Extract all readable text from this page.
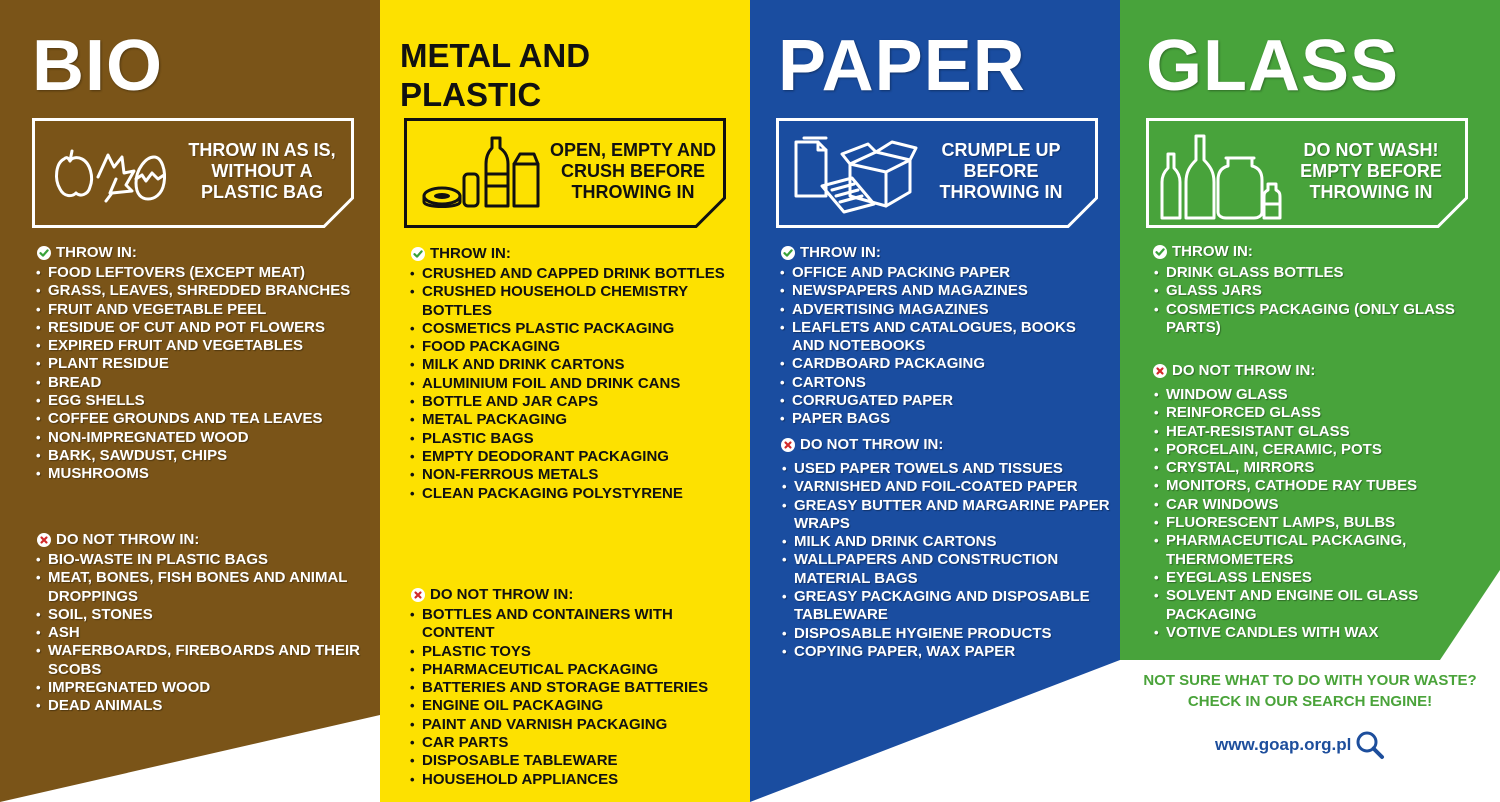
BIO
THROW IN AS IS, WITHOUT A PLASTIC BAG
THROW IN:
• FOOD LEFTOVERS (EXCEPT MEAT)
• GRASS, LEAVES, SHREDDED BRANCHES
• FRUIT AND VEGETABLE PEEL
• RESIDUE OF CUT AND POT FLOWERS
• EXPIRED FRUIT AND VEGETABLES
• PLANT RESIDUE
• BREAD
• EGG SHELLS
• COFFEE GROUNDS AND TEA LEAVES
• NON-IMPREGNATED WOOD
• BARK, SAWDUST, CHIPS
• MUSHROOMS
DO NOT THROW IN:
• BIO-WASTE IN PLASTIC BAGS
• MEAT, BONES, FISH BONES AND ANIMAL DROPPINGS
• SOIL, STONES
• ASH
• WAFERBOARDS, FIREBOARDS AND THEIR SCOBS
• IMPREGNATED WOOD
• DEAD ANIMALS
METAL AND
PLASTIC
OPEN, EMPTY AND CRUSH BEFORE THROWING IN
THROW IN:
• CRUSHED AND CAPPED DRINK BOTTLES
• CRUSHED HOUSEHOLD CHEMISTRY BOTTLES
• COSMETICS PLASTIC PACKAGING
• FOOD PACKAGING
• MILK AND DRINK CARTONS
• ALUMINIUM FOIL AND DRINK CANS
• BOTTLE AND JAR CAPS
• METAL PACKAGING
• PLASTIC BAGS
• EMPTY DEODORANT PACKAGING
• NON-FERROUS METALS
• CLEAN PACKAGING POLYSTYRENE
DO NOT THROW IN:
• BOTTLES AND CONTAINERS WITH CONTENT
• PLASTIC TOYS
• PHARMACEUTICAL PACKAGING
• BATTERIES AND STORAGE BATTERIES
• ENGINE OIL PACKAGING
• PAINT AND VARNISH PACKAGING
• CAR PARTS
• DISPOSABLE TABLEWARE
• HOUSEHOLD APPLIANCES
PAPER
CRUMPLE UP BEFORE THROWING IN
THROW IN:
• OFFICE AND PACKING PAPER
• NEWSPAPERS AND MAGAZINES
• ADVERTISING MAGAZINES
• LEAFLETS AND CATALOGUES, BOOKS AND NOTEBOOKS
• CARDBOARD PACKAGING
• CARTONS
• CORRUGATED PAPER
• PAPER BAGS
DO NOT THROW IN:
• USED PAPER TOWELS AND TISSUES
• VARNISHED AND FOIL-COATED PAPER
• GREASY BUTTER AND MARGARINE PAPER WRAPS
• MILK AND DRINK CARTONS
• WALLPAPERS AND CONSTRUCTION MATERIAL BAGS
• GREASY PACKAGING AND DISPOSABLE TABLEWARE
• DISPOSABLE HYGIENE PRODUCTS
• COPYING PAPER, WAX PAPER
GLASS
DO NOT WASH! EMPTY BEFORE THROWING IN
THROW IN:
• DRINK GLASS BOTTLES
• GLASS JARS
• COSMETICS PACKAGING (ONLY GLASS PARTS)
DO NOT THROW IN:
• WINDOW GLASS
• REINFORCED GLASS
• HEAT-RESISTANT GLASS
• PORCELAIN, CERAMIC, POTS
• CRYSTAL, MIRRORS
• MONITORS, CATHODE RAY TUBES
• CAR WINDOWS
• FLUORESCENT LAMPS, BULBS
• PHARMACEUTICAL PACKAGING, THERMOMETERS
• EYEGLASS LENSES
• SOLVENT AND ENGINE OIL GLASS PACKAGING
• VOTIVE CANDLES WITH WAX
NOT SURE WHAT TO DO WITH YOUR WASTE? CHECK IN OUR SEARCH ENGINE!
www.goap.org.pl
